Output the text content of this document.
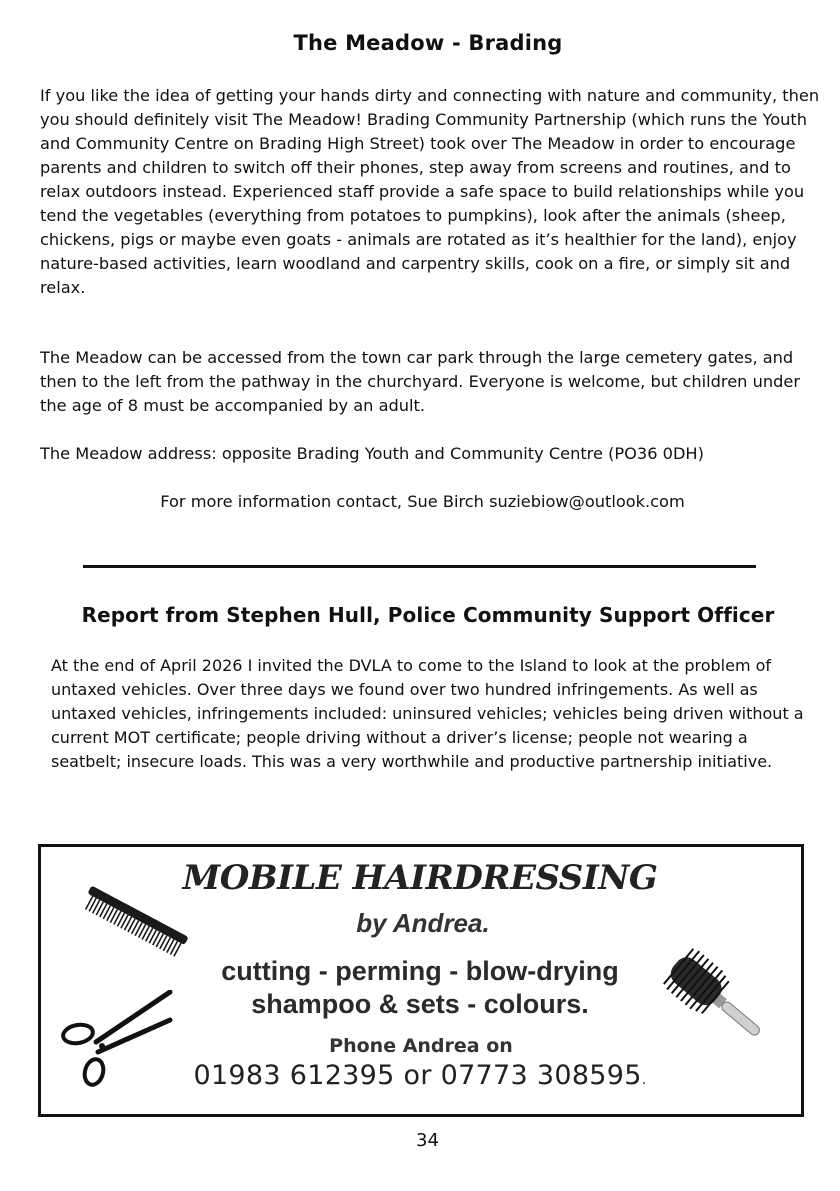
The Meadow - Brading
If you like the idea of getting your hands dirty and connecting with nature and community, then you should definitely visit The Meadow! Brading Community Partnership (which runs the Youth and Community Centre on Brading High Street) took over The Meadow in order to encourage parents and children to switch off their phones, step away from screens and routines, and to relax outdoors instead. Experienced staff provide a safe space to build relationships while you tend the vegetables (everything from potatoes to pumpkins), look after the animals (sheep, chickens, pigs or maybe even goats - animals are rotated as it’s healthier for the land), enjoy nature-based activities, learn woodland and carpentry skills, cook on a fire, or simply sit and relax.
The Meadow can be accessed from the town car park through the large cemetery gates, and then to the left from the pathway in the churchyard. Everyone is welcome, but children under the age of 8 must be accompanied by an adult.
The Meadow address: opposite Brading Youth and Community Centre (PO36 0DH)
For more information contact, Sue Birch suziebiow@outlook.com
Report from Stephen Hull, Police Community Support Officer
At the end of April 2026 I invited the DVLA to come to the Island to look at the problem of untaxed vehicles. Over three days we found over two hundred infringements. As well as untaxed vehicles, infringements included: uninsured vehicles; vehicles being driven without a current MOT certificate; people driving without a driver’s license; people not wearing a seatbelt; insecure loads. This was a very worthwhile and productive partnership initiative.
MOBILE HAIRDRESSING
by Andrea.
cutting - perming - blow-drying
shampoo & sets - colours.
Phone Andrea on
01983 612395 or 07773 308595.
34
